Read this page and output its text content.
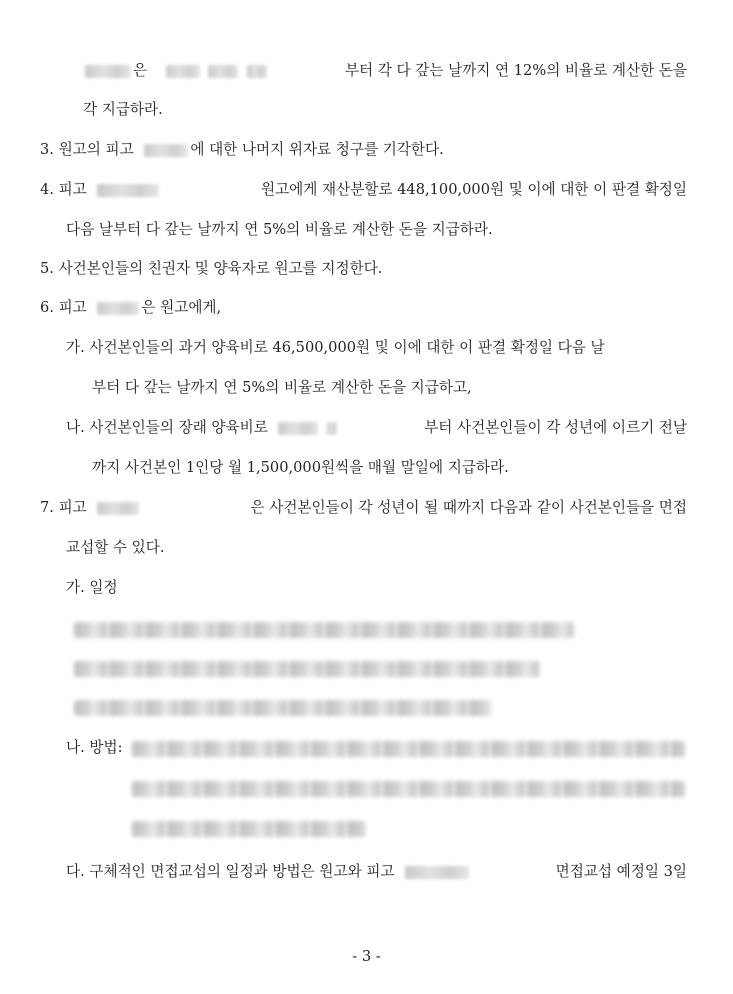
은	부터 각 다 갚는 날까지 연 12%의 비율로 계산한 돈을
각 지급하라.
3. 원고의 피고	에 대한 나머지 위자료 청구를 기각한다.
4. 피고	원고에게 재산분할로 448,100,000원 및 이에 대한 이 판결 확정일
다음 날부터 다 갚는 날까지 연 5%의 비율로 계산한 돈을 지급하라.
5. 사건본인들의 친권자 및 양육자로 원고를 지정한다.
6. 피고	은 원고에게,
가. 사건본인들의 과거 양육비로 46,500,000원 및 이에 대한 이 판결 확정일 다음 날
부터 다 갚는 날까지 연 5%의 비율로 계산한 돈을 지급하고,
나. 사건본인들의 장래 양육비로	부터 사건본인들이 각 성년에 이르기 전날
까지 사건본인 1인당 월 1,500,000원씩을 매월 말일에 지급하라.
7. 피고	은 사건본인들이 각 성년이 될 때까지 다음과 같이 사건본인들을 면접
교섭할 수 있다.
가. 일정
나. 방법:
다. 구체적인 면접교섭의 일정과 방법은 원고와 피고	면접교섭 예정일 3일
- 3 -
